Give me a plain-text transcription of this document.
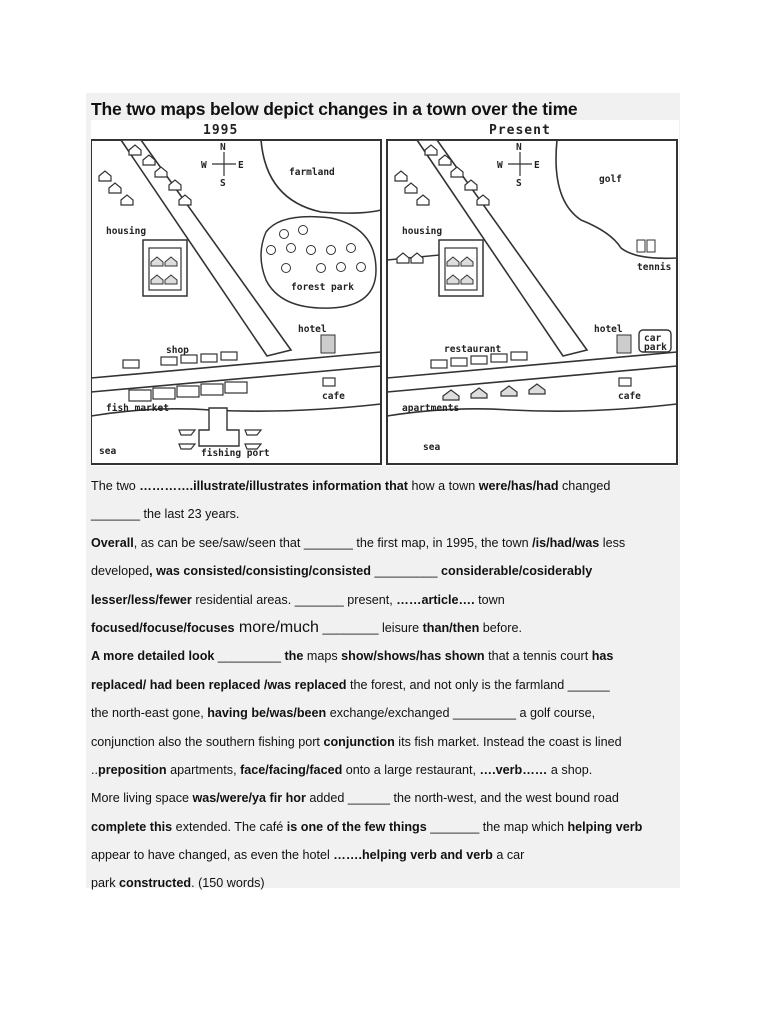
The two maps below depict changes in a town over the time
1995	Present
N
S
W	E
farmland
housing
forest park
hotel
shop
cafe
fish market
sea	fishing port
N
S
W	E
golf
housing
tennis
hotel
car
park
restaurant
cafe
apartments
sea
The two ………….illustrate/illustrates information that how a town were/has/had changed
_______ the last 23 years.
Overall, as can be see/saw/seen that _______ the first map, in 1995, the town /is/had/was less
developed, was consisted/consisting/consisted _________ considerable/cosiderably
lesser/less/fewer residential areas. _______ present, ……article…. town
focused/focuse/focuses more/much ________ leisure than/then before.
A more detailed look _________ the maps show/shows/has shown that a tennis court has
replaced/ had been replaced /was replaced the forest, and not only is the farmland ______
the north-east gone, having be/was/been exchange/exchanged _________ a golf course,
conjunction also the southern fishing port conjunction its fish market. Instead the coast is lined
..preposition apartments, face/facing/faced onto a large restaurant, ….verb…… a shop.
More living space was/were/ya fir hor added ______ the north-west, and the west bound road
complete this extended. The café is one of the few things _______ the map which helping verb
appear to have changed, as even the hotel …….helping verb and verb a car
park constructed. (150 words)
